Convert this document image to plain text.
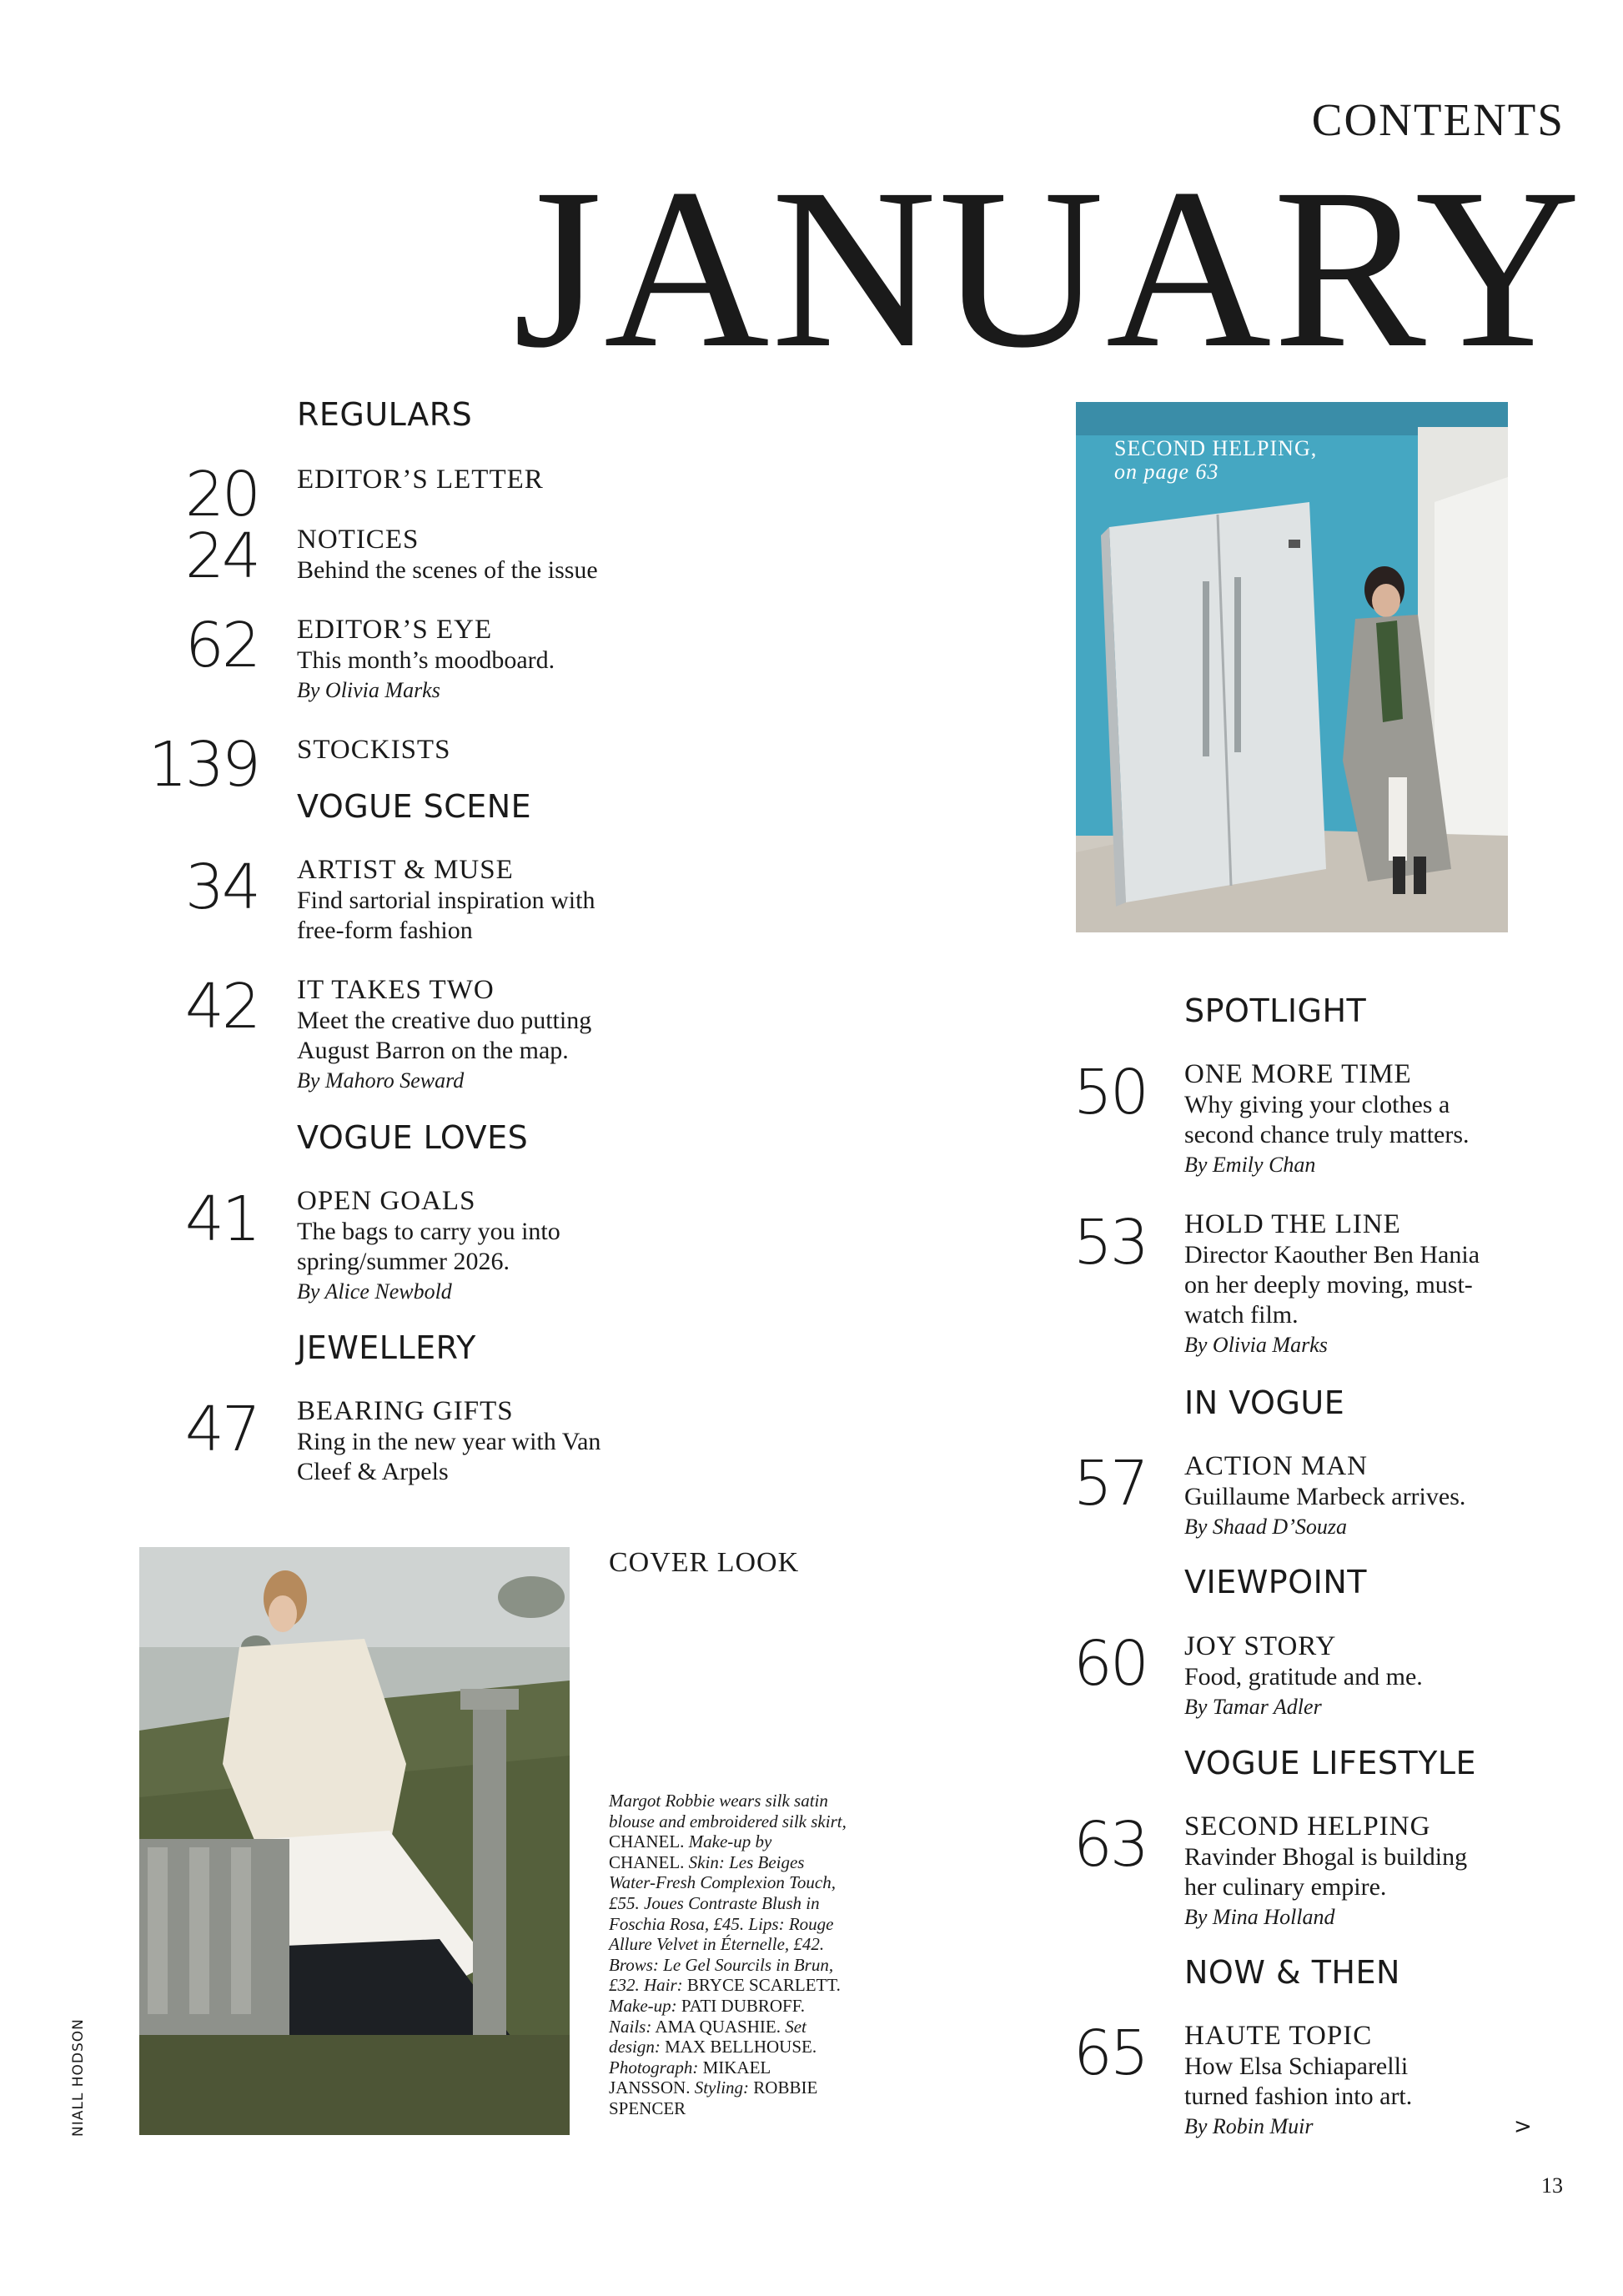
CONTENTS
JANUARY
REGULARS
20 EDITOR’S LETTER
24 NOTICES
Behind the scenes of the issue
62 EDITOR’S EYE
This month’s moodboard.
By Olivia Marks
139 STOCKISTS
VOGUE SCENE
34 ARTIST & MUSE
Find sartorial inspiration with free-form fashion
42 IT TAKES TWO
Meet the creative duo putting August Barron on the map.
By Mahoro Seward
VOGUE LOVES
41 OPEN GOALS
The bags to carry you into spring/summer 2026.
By Alice Newbold
JEWELLERY
47 BEARING GIFTS
Ring in the new year with Van Cleef & Arpels
SECOND HELPING,
on page 63
SPOTLIGHT
50 ONE MORE TIME
Why giving your clothes a second chance truly matters.
By Emily Chan
53 HOLD THE LINE
Director Kaouther Ben Hania on her deeply moving, must-watch film.
By Olivia Marks
IN VOGUE
57 ACTION MAN
Guillaume Marbeck arrives.
By Shaad D’Souza
VIEWPOINT
60 JOY STORY
Food, gratitude and me.
By Tamar Adler
VOGUE LIFESTYLE
63 SECOND HELPING
Ravinder Bhogal is building her culinary empire.
By Mina Holland
NOW & THEN
65 HAUTE TOPIC
How Elsa Schiaparelli turned fashion into art.
By Robin Muir
COVER LOOK
Margot Robbie wears silk satin blouse and embroidered silk skirt, CHANEL. Make-up by CHANEL. Skin: Les Beiges Water-Fresh Complexion Touch, £55. Joues Contraste Blush in Foschia Rosa, £45. Lips: Rouge Allure Velvet in Éternelle, £42. Brows: Le Gel Sourcils in Brun, £32. Hair: BRYCE SCARLETT. Make-up: PATI DUBROFF. Nails: AMA QUASHIE. Set design: MAX BELLHOUSE. Photograph: MIKAEL JANSSON. Styling: ROBBIE SPENCER
NIALL HODSON	>
13
